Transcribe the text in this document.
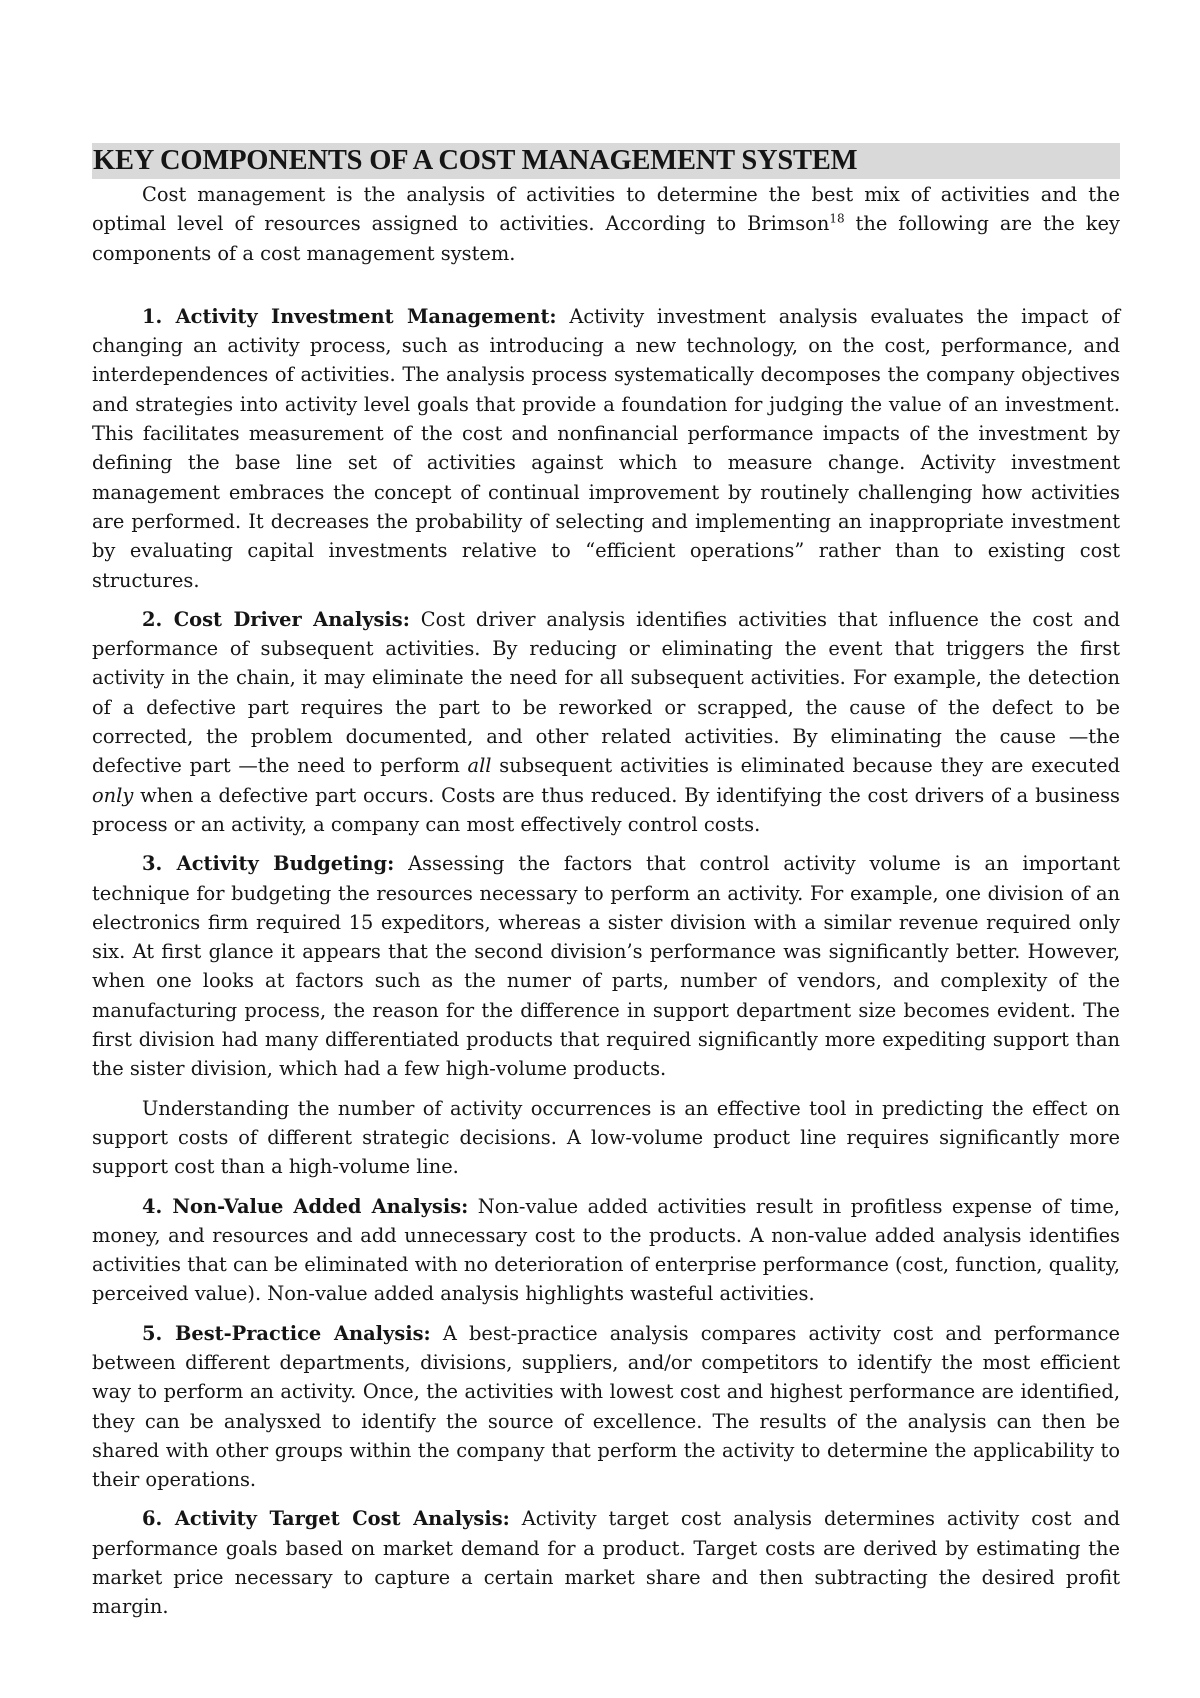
KEY COMPONENTS OF A COST MANAGEMENT SYSTEM

Cost management is the analysis of activities to determine the best mix of activities and the optimal level of resources assigned to activities. According to Brimson$^{18}$ the following are the key components of a cost management system.

1. Activity Investment Management: Activity investment analysis evaluates the impact of changing an activity process, such as introducing a new technology, on the cost, performance, and interdependences of activities. The analysis process systematically decomposes the company objectives and strategies into activity level goals that provide a foundation for judging the value of an investment. This facilitates measurement of the cost and nonfinancial performance impacts of the investment by defining the base line set of activities against which to measure change. Activity investment management embraces the concept of continual improvement by routinely challenging how activities are performed. It decreases the probability of selecting and implementing an inappropriate investment by evaluating capital investments relative to “efficient operations” rather than to existing cost structures.

2. Cost Driver Analysis: Cost driver analysis identifies activities that influence the cost and performance of subsequent activities. By reducing or eliminating the event that triggers the first activity in the chain, it may eliminate the need for all subsequent activities. For example, the detection of a defective part requires the part to be reworked or scrapped, the cause of the defect to be corrected, the problem documented, and other related activities. By eliminating the cause —the defective part —the need to perform all subsequent activities is eliminated because they are executed only when a defective part occurs. Costs are thus reduced. By identifying the cost drivers of a business process or an activity, a company can most effectively control costs.

3. Activity Budgeting: Assessing the factors that control activity volume is an important technique for budgeting the resources necessary to perform an activity. For example, one division of an electronics firm required 15 expeditors, whereas a sister division with a similar revenue required only six. At first glance it appears that the second division’s performance was significantly better. However, when one looks at factors such as the numer of parts, number of vendors, and complexity of the manufacturing process, the reason for the difference in support department size becomes evident. The first division had many differentiated products that required significantly more expediting support than the sister division, which had a few high-volume products.

Understanding the number of activity occurrences is an effective tool in predicting the effect on support costs of different strategic decisions. A low-volume product line requires significantly more support cost than a high-volume line.

4. Non-Value Added Analysis: Non-value added activities result in profitless expense of time, money, and resources and add unnecessary cost to the products. A non-value added analysis identifies activities that can be eliminated with no deterioration of enterprise performance (cost, function, quality, perceived value). Non-value added analysis highlights wasteful activities.

5. Best-Practice Analysis: A best-practice analysis compares activity cost and performance between different departments, divisions, suppliers, and/or competitors to identify the most efficient way to perform an activity. Once, the activities with lowest cost and highest performance are identified, they can be analysxed to identify the source of excellence. The results of the analysis can then be shared with other groups within the company that perform the activity to determine the applicability to their operations.

6. Activity Target Cost Analysis: Activity target cost analysis determines activity cost and performance goals based on market demand for a product. Target costs are derived by estimating the market price necessary to capture a certain market share and then subtracting the desired profit margin.
